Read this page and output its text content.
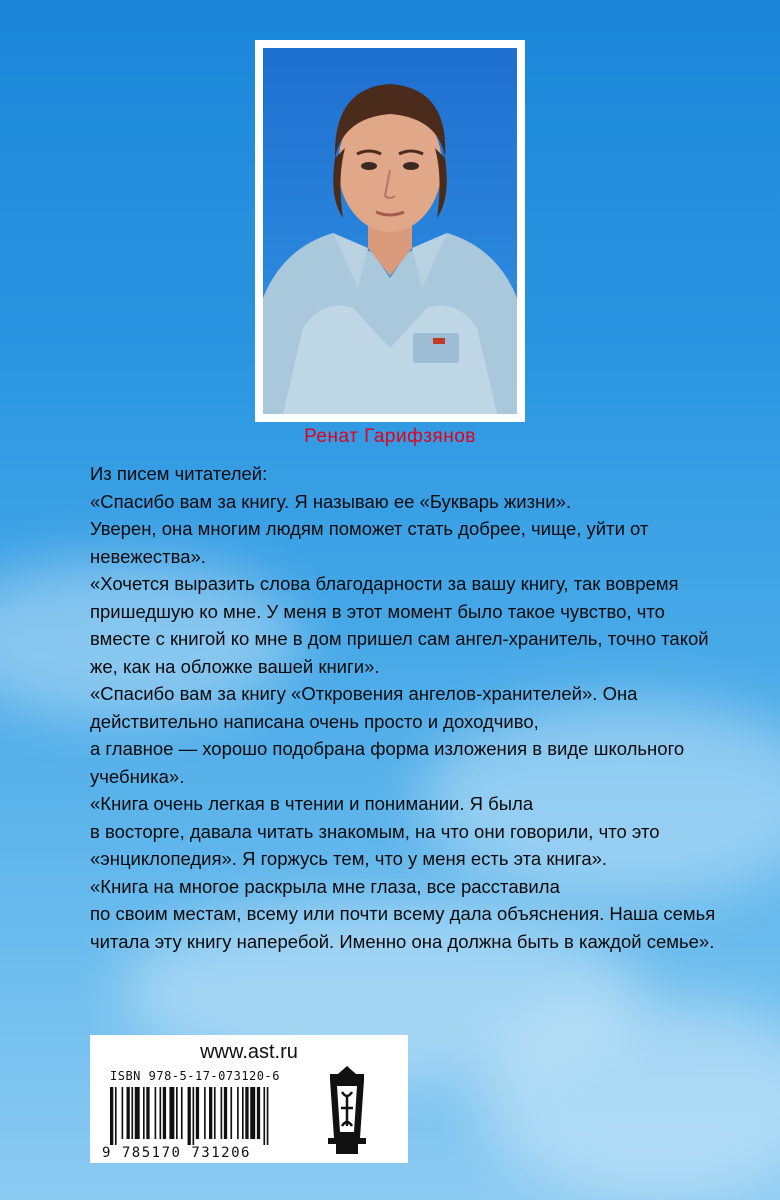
Ренат Гарифзянов

Из писем читателей:

«Спасибо вам за книгу. Я называю ее «Букварь жизни».
Уверен, она многим людям поможет стать добрее, чище, уйти от невежества».

«Хочется выразить слова благодарности за вашу книгу, так вовремя пришедшую ко мне. У меня в этот момент было такое чувство, что вместе с книгой ко мне в дом пришел сам ангел-хранитель, точно такой же, как на обложке вашей книги».

«Спасибо вам за книгу «Откровения ангелов-хранителей». Она действительно написана очень просто и доходчиво,
а главное — хорошо подобрана форма изложения в виде школьного учебника».

«Книга очень легкая в чтении и понимании. Я была
в восторге, давала читать знакомым, на что они говорили, что это «энциклопедия». Я горжусь тем, что у меня есть эта книга».

«Книга на многое раскрыла мне глаза, все расставила
по своим местам, всему или почти всему дала объяснения. Наша семья читала эту книгу наперебой. Именно она должна быть в каждой семье».

www.ast.ru
ISBN 978-5-17-073120-6
9 785170 731206
